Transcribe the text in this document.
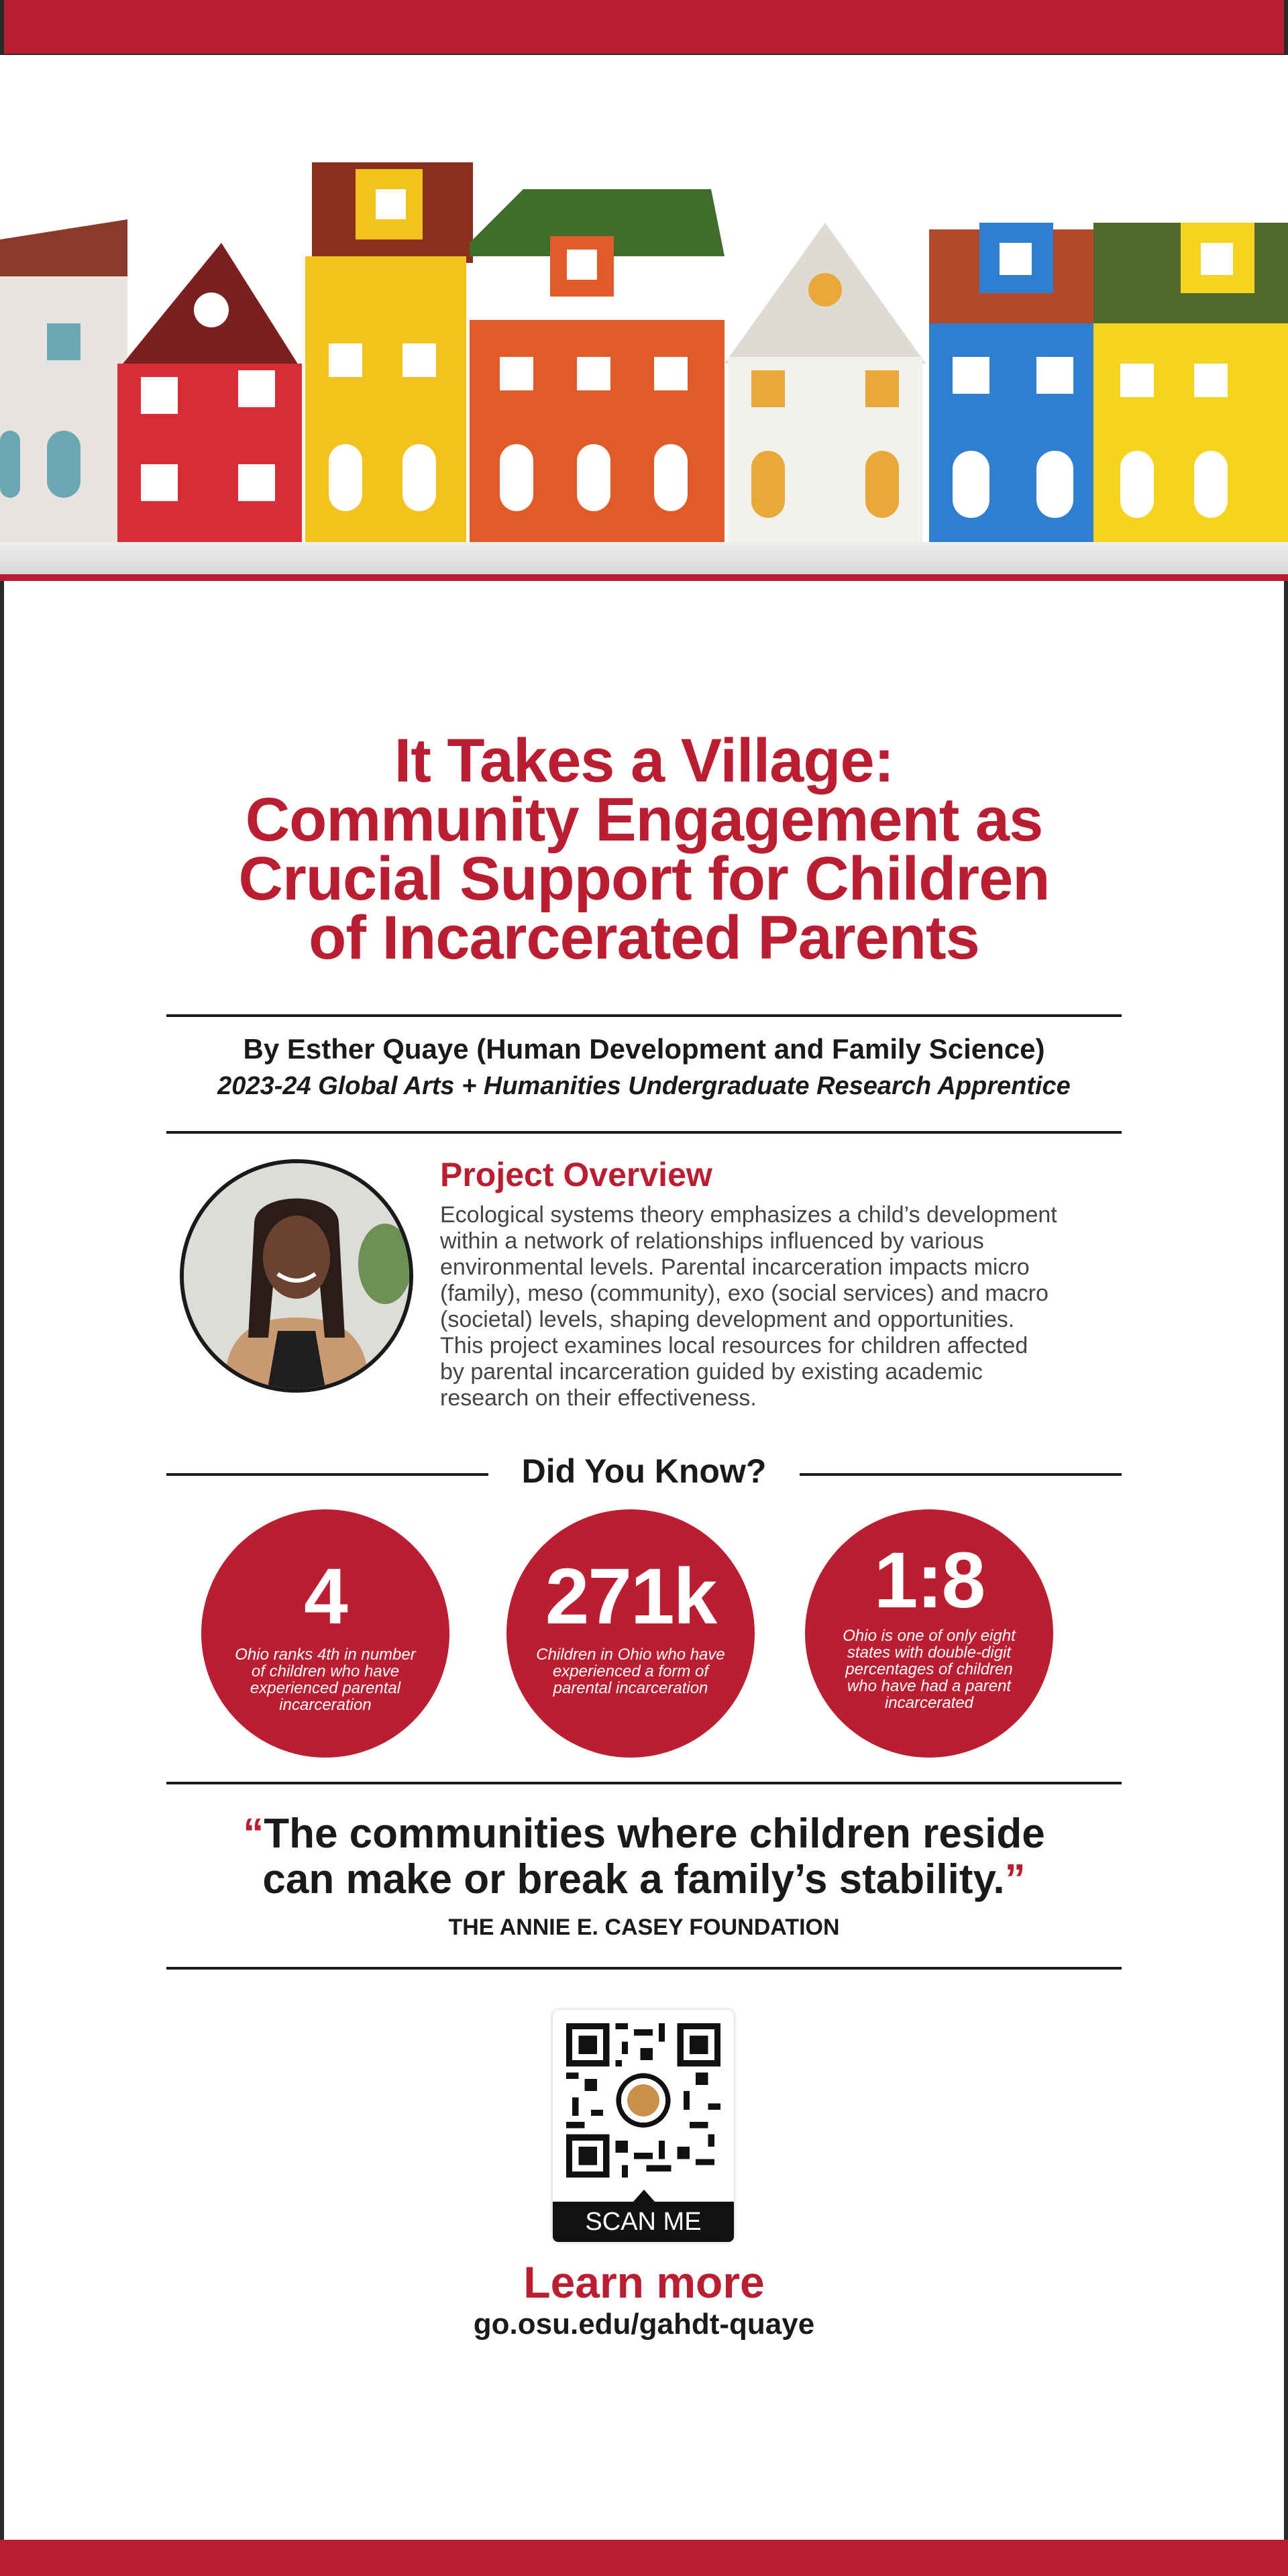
It Takes a Village:
Community Engagement as
Crucial Support for Children
of Incarcerated Parents
By Esther Quaye (Human Development and Family Science)
2023-24 Global Arts + Humanities Undergraduate Research Apprentice
Project Overview
Ecological systems theory emphasizes a child’s development
within a network of relationships influenced by various
environmental levels. Parental incarceration impacts micro
(family), meso (community), exo (social services) and macro
(societal) levels, shaping development and opportunities.
This project examines local resources for children affected
by parental incarceration guided by existing academic
research on their effectiveness.
Did You Know?
4
Ohio ranks 4th in number of children who have experienced parental incarceration
271k
Children in Ohio who have experienced a form of parental incarceration
1:8
Ohio is one of only eight states with double-digit percentages of children who have had a parent incarcerated
“The communities where children reside
can make or break a family’s stability.”
THE ANNIE E. CASEY FOUNDATION
SCAN ME
Learn more
go.osu.edu/gahdt-quaye
